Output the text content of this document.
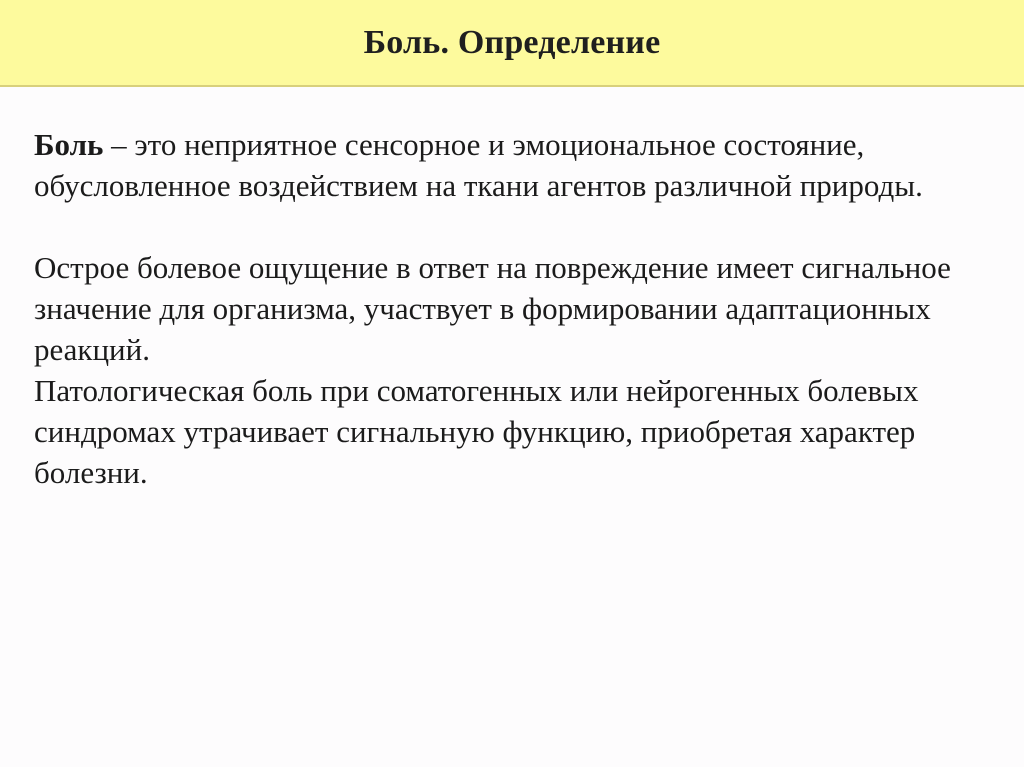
Боль. Определение

Боль – это неприятное сенсорное и эмоциональное состояние, обусловленное воздействием на ткани агентов различной природы.

Острое болевое ощущение в ответ на повреждение имеет сигнальное значение для организма, участвует в формировании адаптационных реакций.

Патологическая боль при соматогенных или нейрогенных болевых синдромах утрачивает сигнальную функцию, приобретая характер болезни.
